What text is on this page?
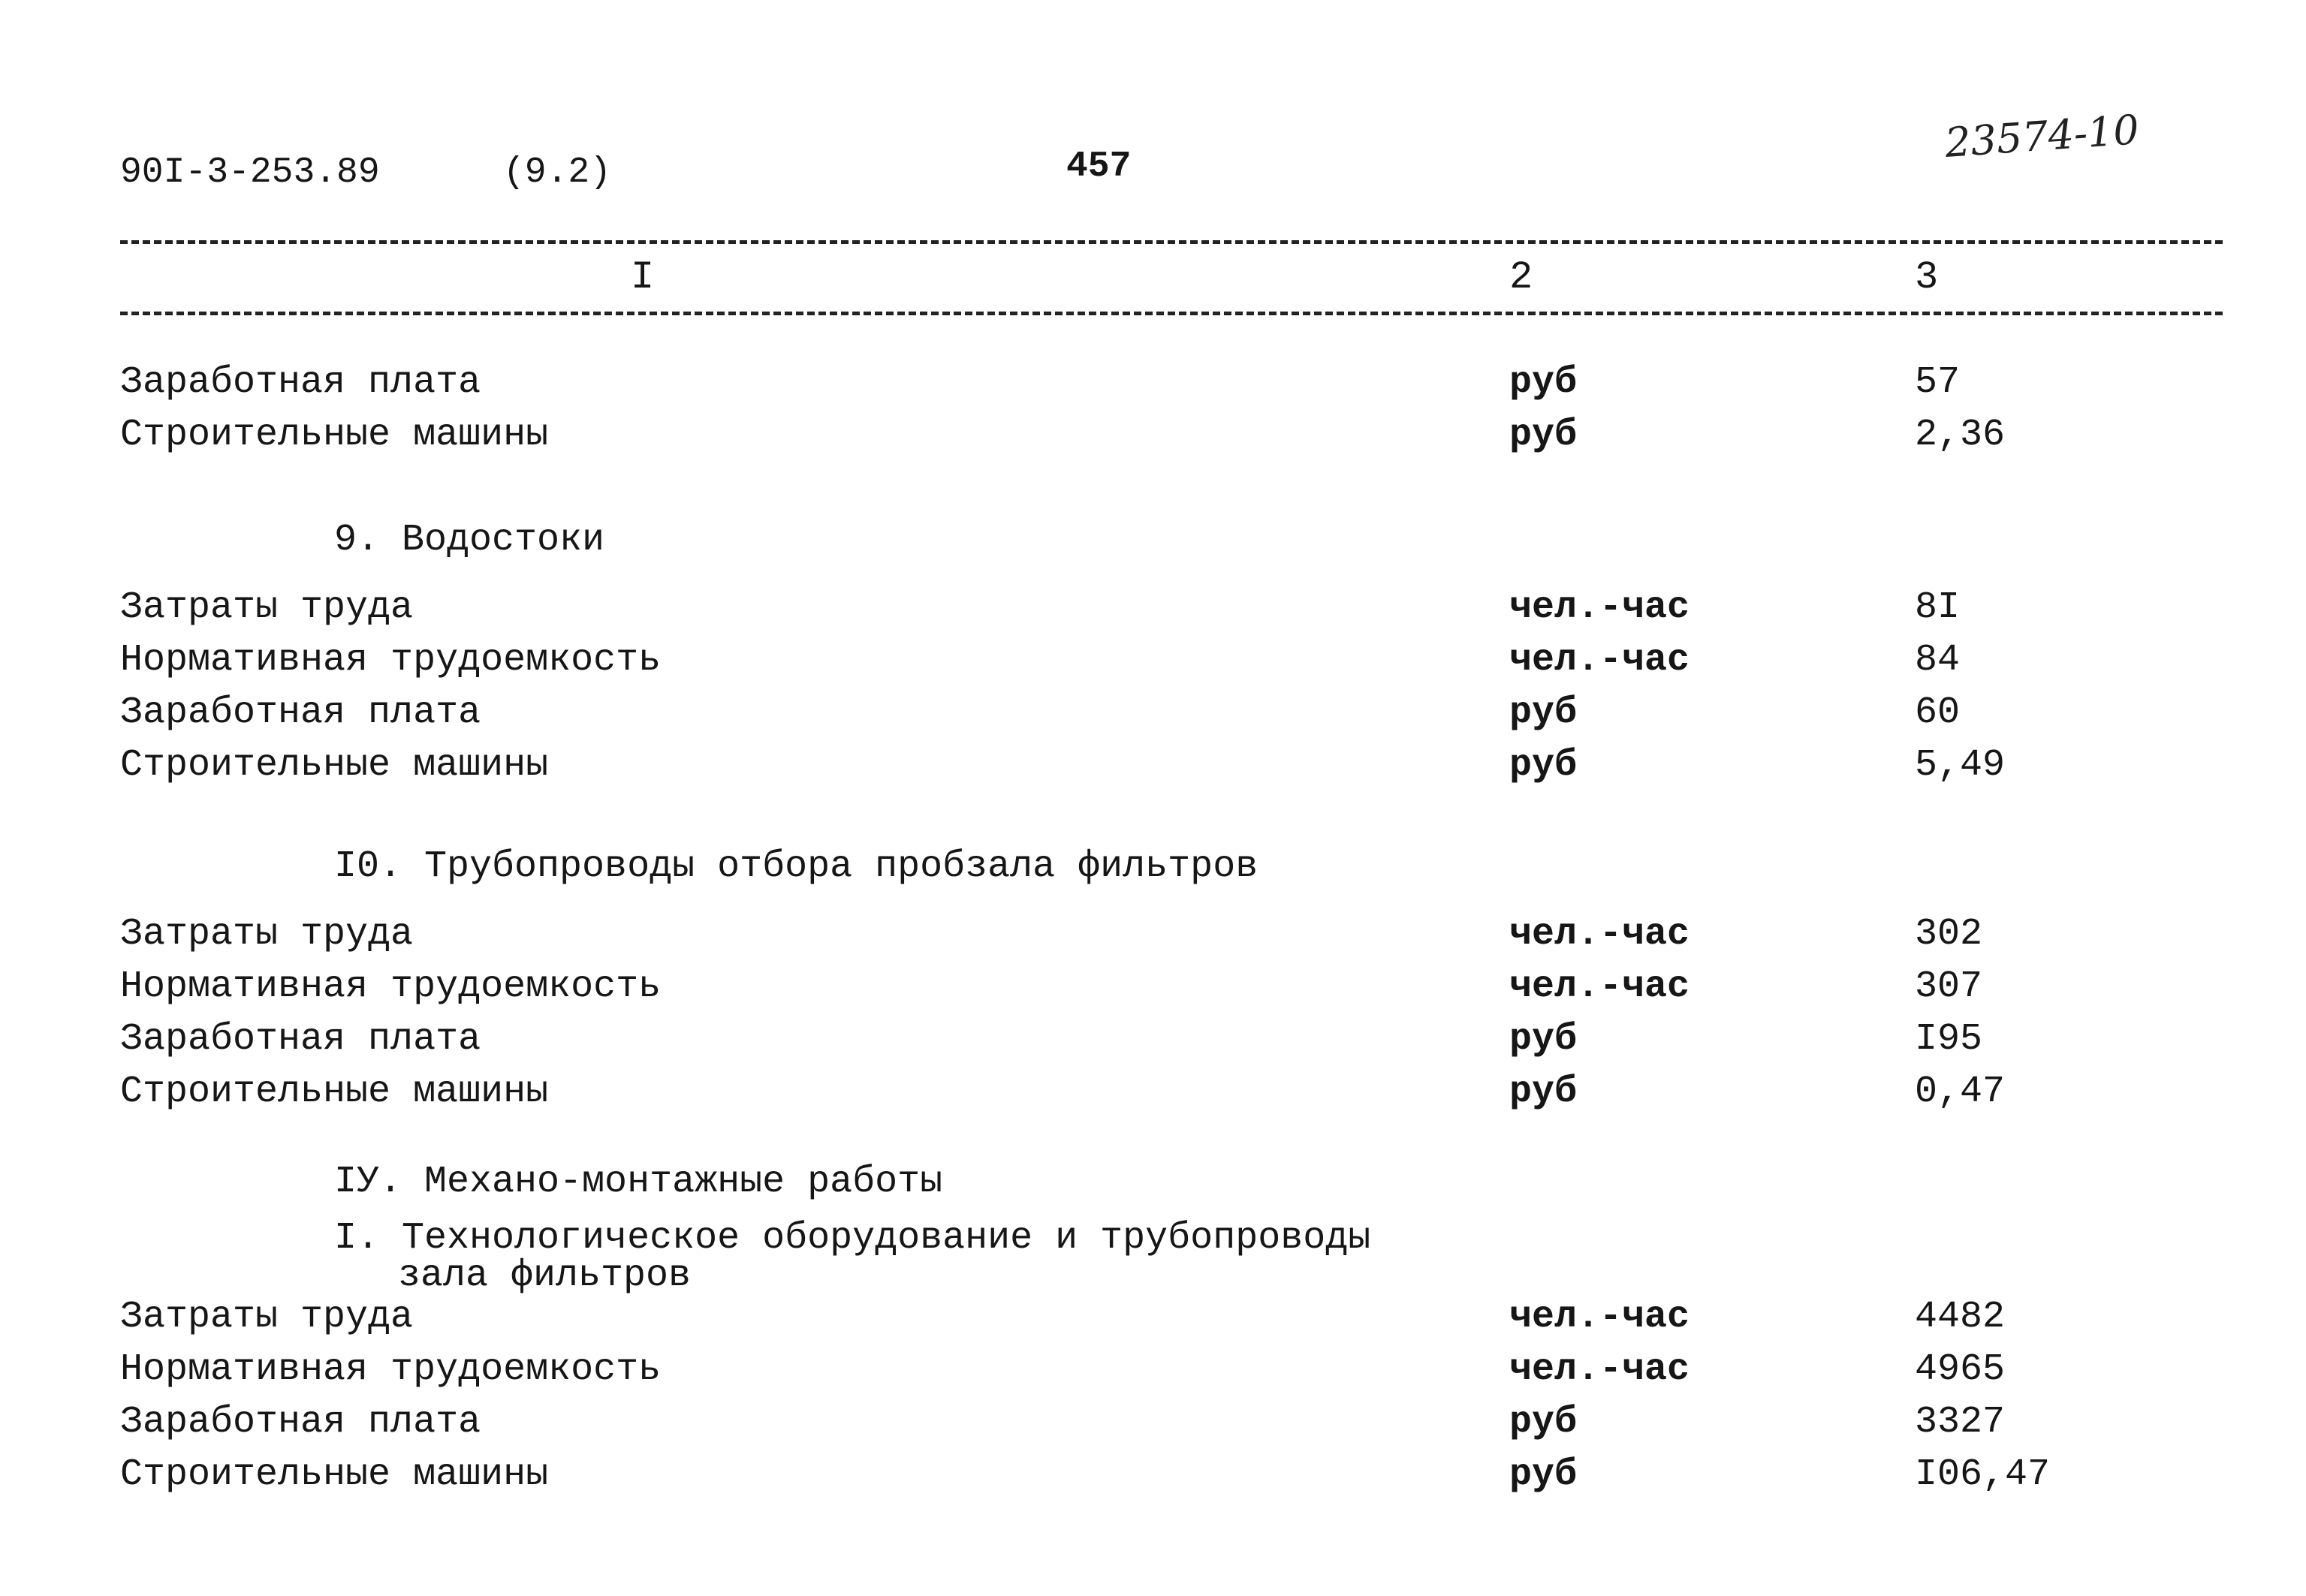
90I-3-253.89	(9.2)	457
23574-10
I	2	3
Заработная плата	руб	57
Строительные машины	руб	2,36
9. Водостоки
Затраты труда	чел.-час	8I
Нормативная трудоемкость	чел.-час	84
Заработная плата	руб	60
Строительные машины	руб	5,49
I0. Трубопроводы отбора пробзала фильтров
Затраты труда	чел.-час	302
Нормативная трудоемкость	чел.-час	307
Заработная плата	руб	I95
Строительные машины	руб	0,47
IУ. Механо-монтажные работы
I. Технологическое оборудование и трубопроводы
зала фильтров
Затраты труда	чел.-час	4482
Нормативная трудоемкость	чел.-час	4965
Заработная плата	руб	3327
Строительные машины	руб	I06,47
